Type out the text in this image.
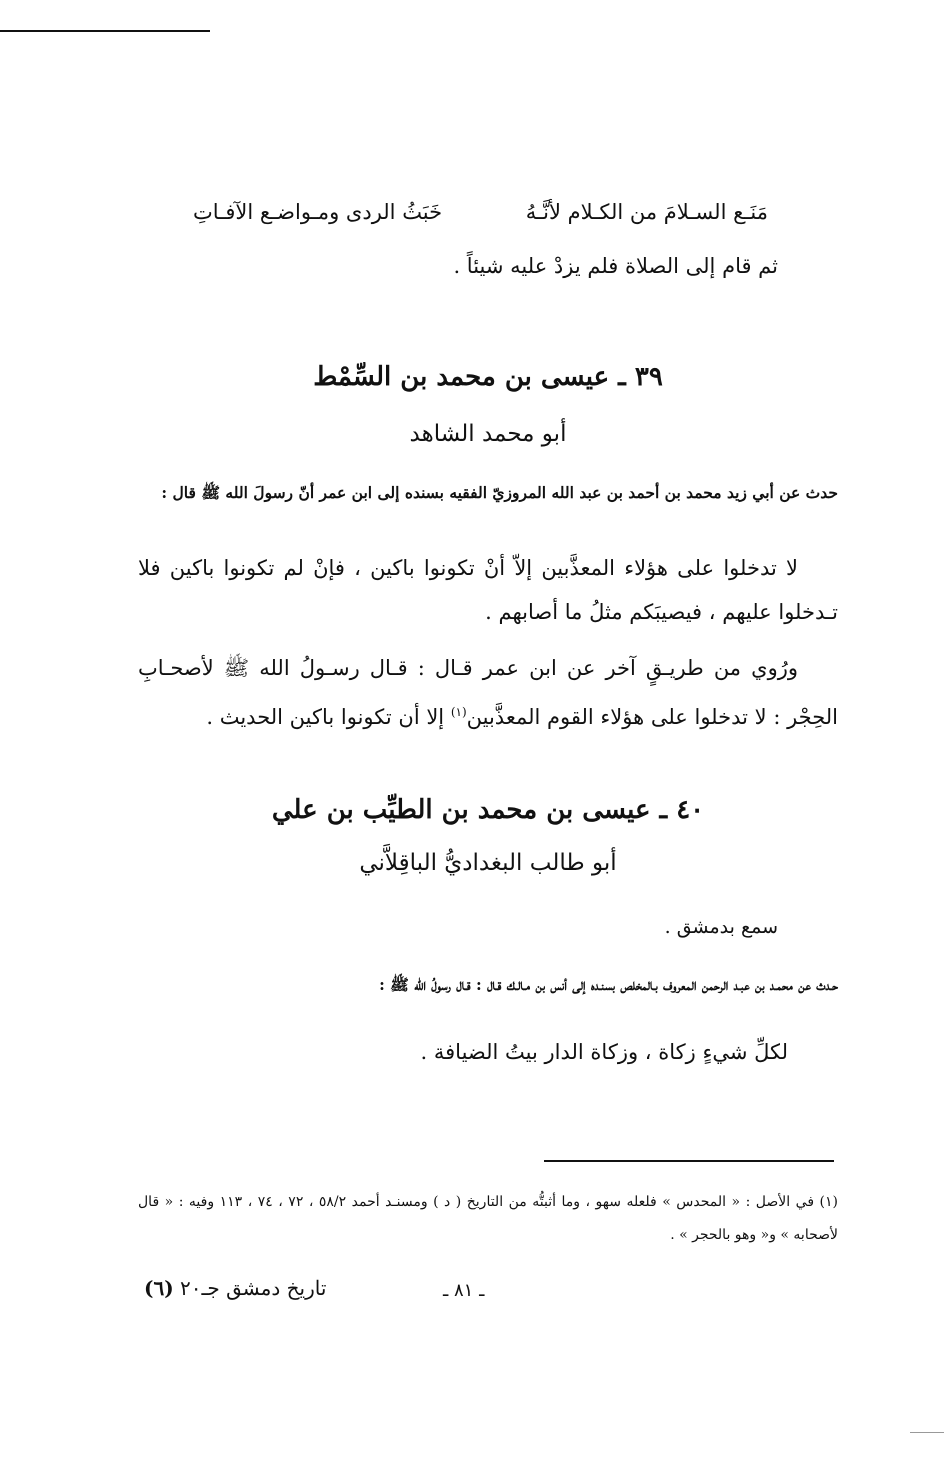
مَنَـع السـلامَ من الكـلام لأنَّـهُ
خَبَثُ الردى ومـواضـع الآفـاتِ
ثم قام إلى الصلاة فلم يزدْ عليه شيئاً .
٣٩ ـ عيسى بن محمد بن السِّمْط
أبو محمد الشاهد
حدث عن أبي زيد محمد بن أحمد بن عبد الله المروزيّ الفقيه بسنده إلى ابن عمر أنّ رسولَ الله ﷺ قال :
لا تدخلوا على هؤلاء المعذَّبين إلاّ أنْ تكونوا باكين ، فإنْ لم تكونوا باكين فلا تـدخلوا عليهم ، فيصيبَكم مثلُ ما أصابهم .
ورُوي من طريـقٍ آخر عن ابن عمر قـال : قـال رسـولُ الله ﷺ لأصحـابِ الحِجْر : لا تدخلوا على هؤلاء القوم المعذَّبين$^{(١)}$ إلا أن تكونوا باكين الحديث .
٤٠ ـ عيسى بن محمد بن الطيِّب بن علي
أبو طالب البغداديُّ الباقِلاَّني
سمع بدمشق .
حـدث عن محمـد بن عبـد الرحمن المعروف بـالمخلص بسنـده إلى أنس بن مـالـك قـال : قـال رسولُ الله ﷺ :
لكلِّ شيءٍ زكاة ، وزكاة الدار بيتُ الضيافة .
(١) في الأصل : « المحدس » فلعله سهو ، وما أثبتُّه من التاريخ ( د ) ومسنـد أحمد ٥٨/٢ ، ٧٢ ، ٧٤ ، ١١٣ وفيه : « قال لأصحابه » و« وهو بالحجر » .
ـ ٨١ ـ
تاريخ دمشق جـ٢٠ (٦)
